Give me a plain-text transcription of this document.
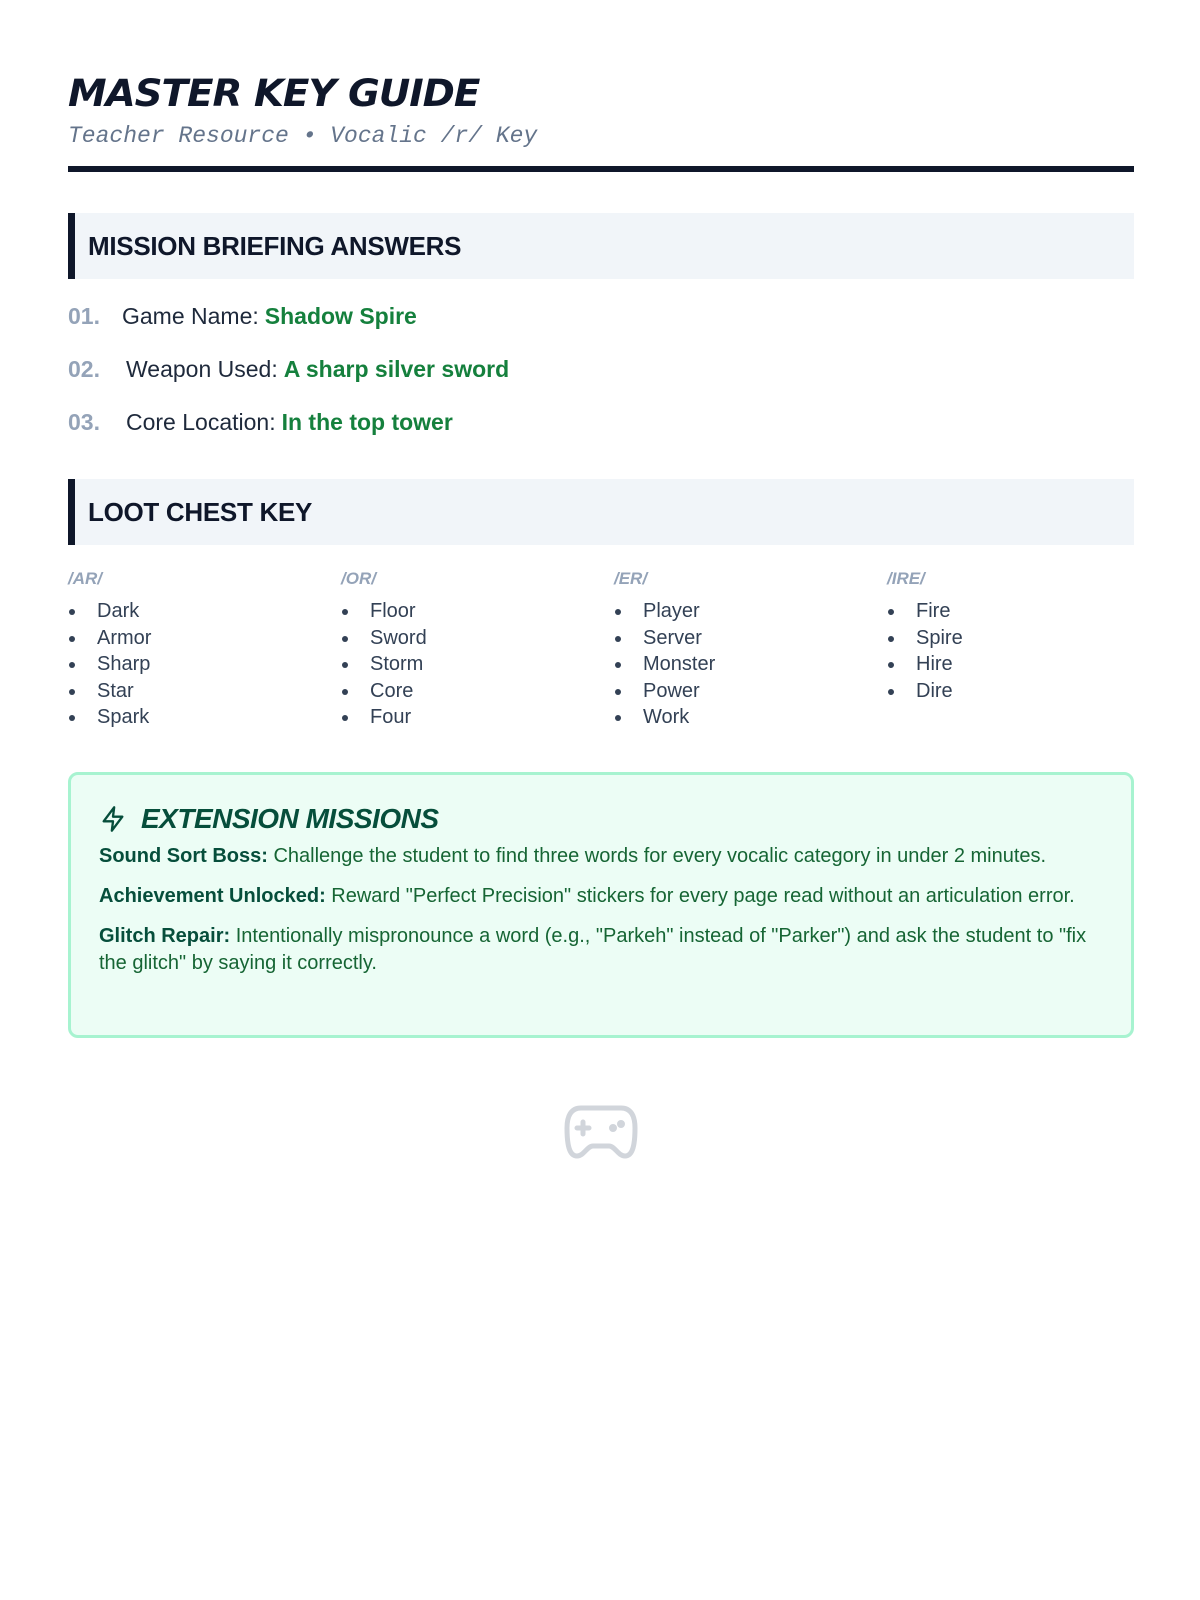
MASTER KEY GUIDE
Teacher Resource • Vocalic /r/ Key
MISSION BRIEFING ANSWERS
01. Game Name: Shadow Spire
02.	Weapon Used: A sharp silver sword
03.	Core Location: In the top tower
LOOT CHEST KEY
/AR/
Dark
Armor
Sharp
Star
Spark
/OR/
Floor
Sword
Storm
Core
Four
/ER/
Player
Server
Monster
Power
Work
/IRE/
Fire
Spire
Hire
Dire
EXTENSION MISSIONS

Sound Sort Boss: Challenge the student to find three words for every vocalic category in under 2 minutes.

Achievement Unlocked: Reward "Perfect Precision" stickers for every page read without an articulation error.

Glitch Repair: Intentionally mispronounce a word (e.g., "Parkeh" instead of "Parker") and ask the student to "fix the glitch" by saying it correctly.
